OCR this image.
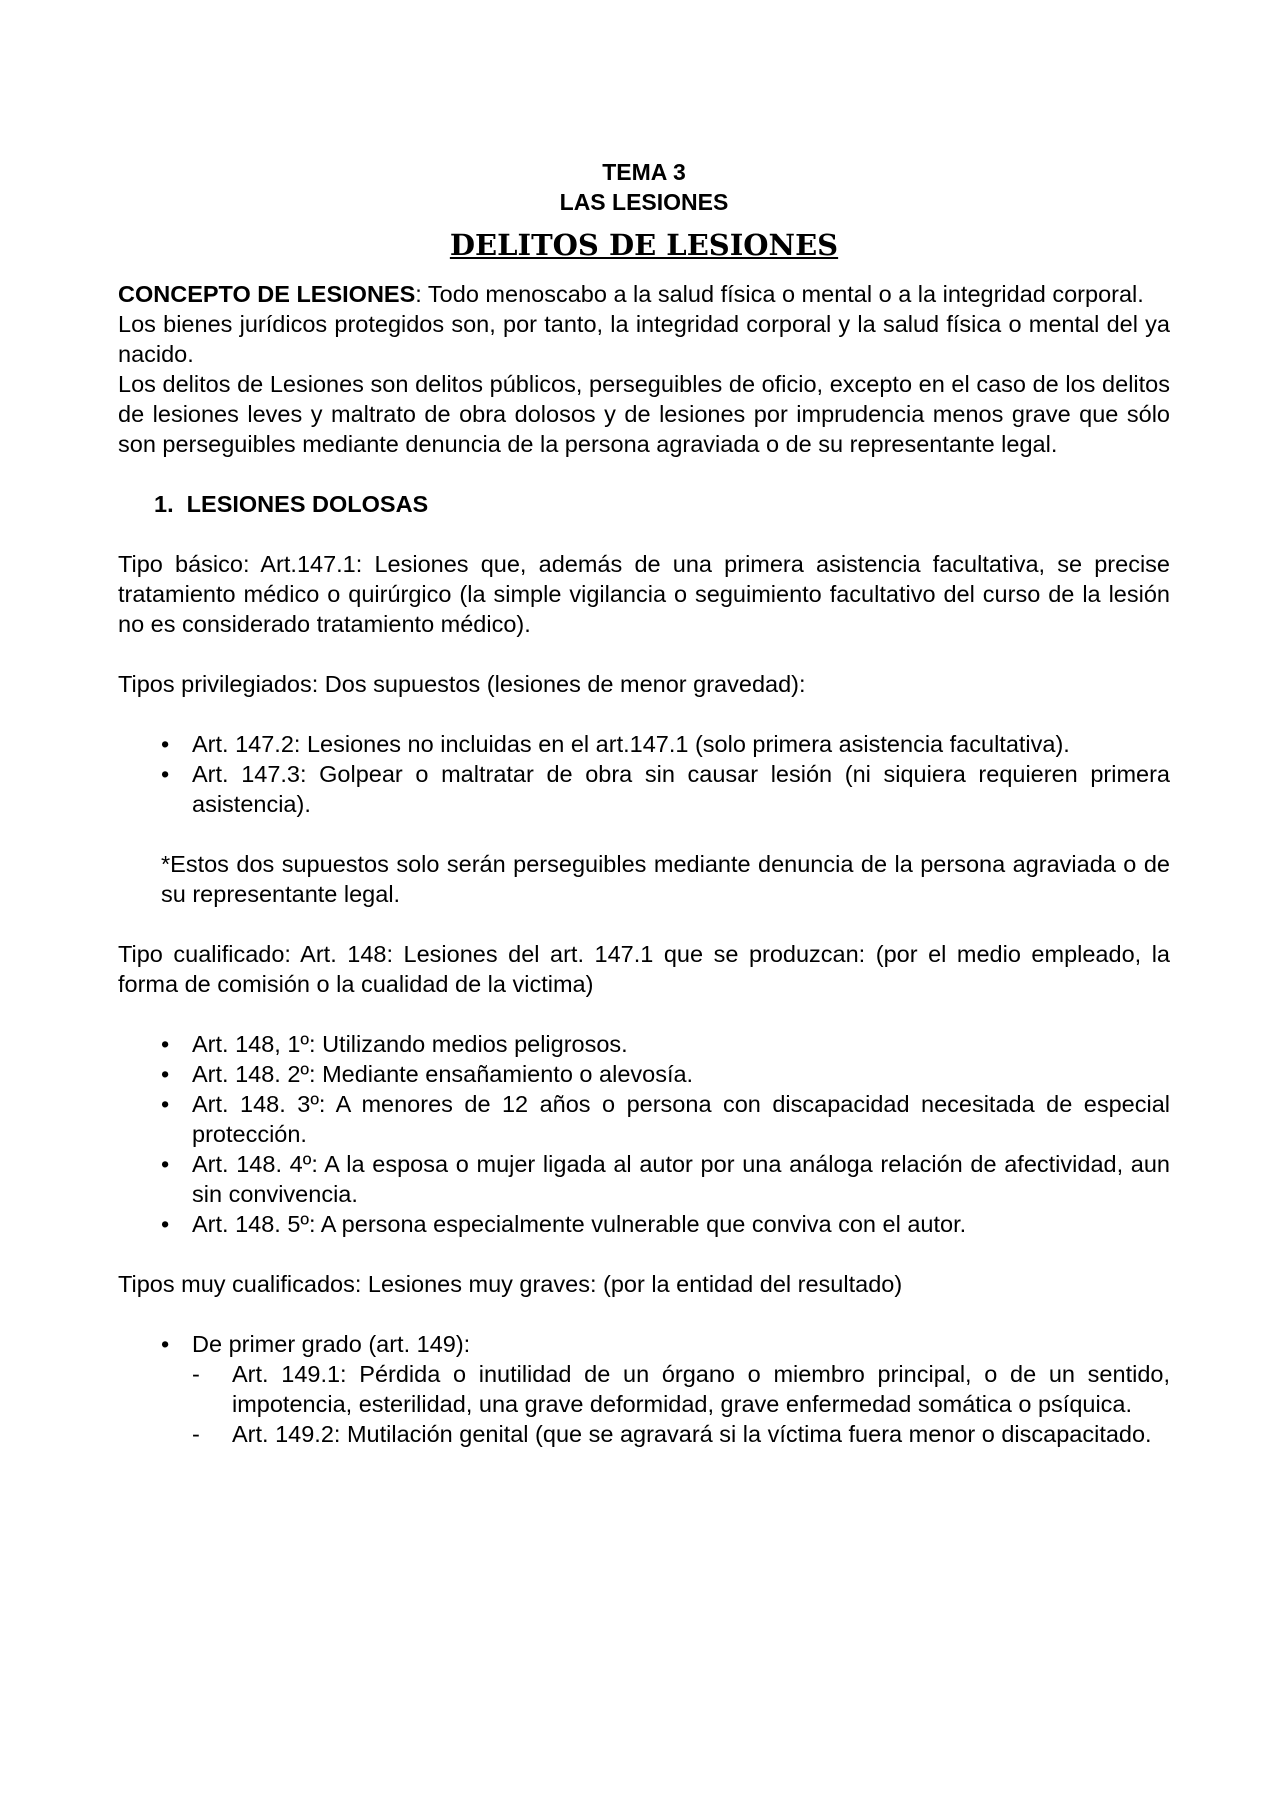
TEMA 3
LAS LESIONES
DELITOS DE LESIONES

CONCEPTO DE LESIONES: Todo menoscabo a la salud física o mental o a la integridad corporal.

Los bienes jurídicos protegidos son, por tanto, la integridad corporal y la salud física o mental del ya nacido.

Los delitos de Lesiones son delitos públicos, perseguibles de oficio, excepto en el caso de los delitos de lesiones leves y maltrato de obra dolosos y de lesiones por imprudencia menos grave que sólo son perseguibles mediante denuncia de la persona agraviada o de su representante legal.

1. LESIONES DOLOSAS

Tipo básico: Art.147.1: Lesiones que, además de una primera asistencia facultativa, se precise tratamiento médico o quirúrgico (la simple vigilancia o seguimiento facultativo del curso de la lesión no es considerado tratamiento médico).

Tipos privilegiados: Dos supuestos (lesiones de menor gravedad):

• Art. 147.2: Lesiones no incluidas en el art.147.1 (solo primera asistencia facultativa).
• Art. 147.3: Golpear o maltratar de obra sin causar lesión (ni siquiera requieren primera asistencia).

*Estos dos supuestos solo serán perseguibles mediante denuncia de la persona agraviada o de su representante legal.

Tipo cualificado: Art. 148: Lesiones del art. 147.1 que se produzcan: (por el medio empleado, la forma de comisión o la cualidad de la victima)

• Art. 148, 1º: Utilizando medios peligrosos.
• Art. 148. 2º: Mediante ensañamiento o alevosía.
• Art. 148. 3º: A menores de 12 años o persona con discapacidad necesitada de especial protección.
• Art. 148. 4º: A la esposa o mujer ligada al autor por una análoga relación de afectividad, aun sin convivencia.
• Art. 148. 5º: A persona especialmente vulnerable que conviva con el autor.

Tipos muy cualificados: Lesiones muy graves: (por la entidad del resultado)

• De primer grado (art. 149):
- Art. 149.1: Pérdida o inutilidad de un órgano o miembro principal, o de un sentido, impotencia, esterilidad, una grave deformidad, grave enfermedad somática o psíquica.
- Art. 149.2: Mutilación genital (que se agravará si la víctima fuera menor o discapacitado.
